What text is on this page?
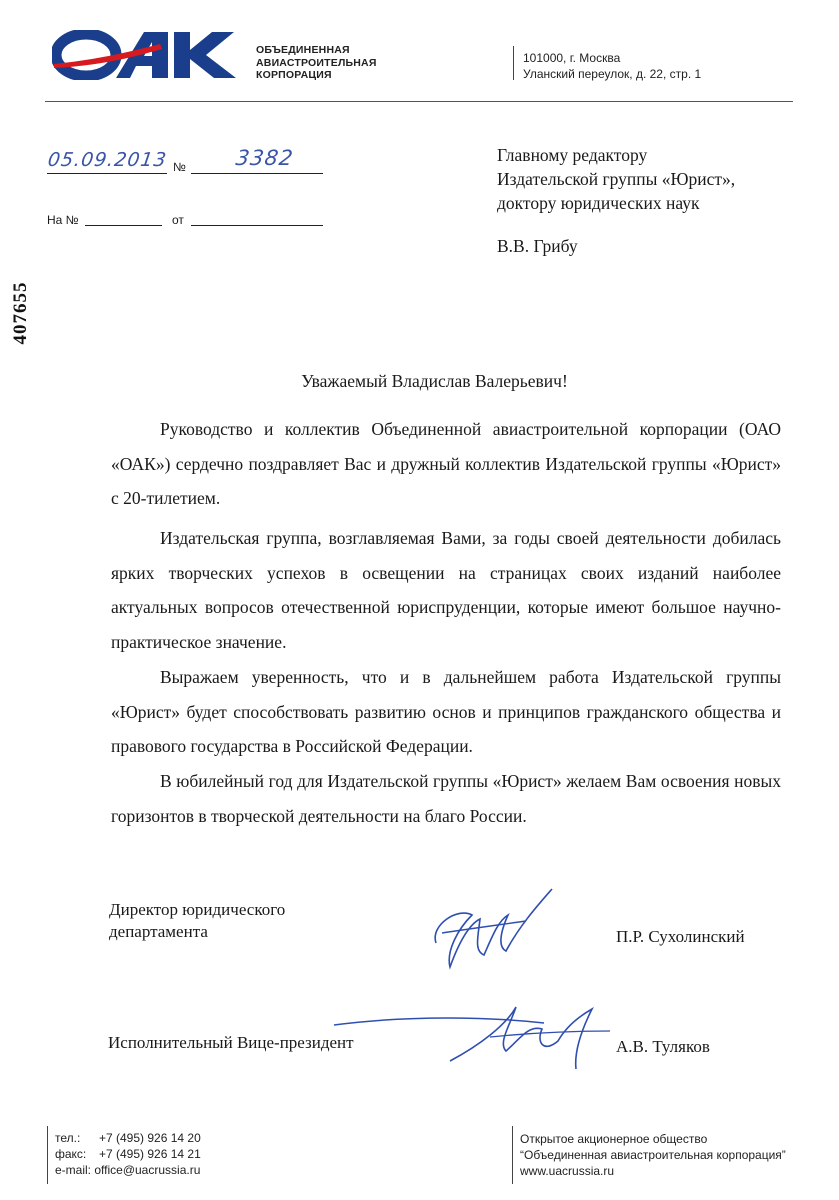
ОБЪЕДИНЕННАЯ
АВИАСТРОИТЕЛЬНАЯ
КОРПОРАЦИЯ
101000, г. Москва
Уланский переулок, д. 22, стр. 1
05.09.2013 № 3382
На №	от
407655
Главному редактору
Издательской группы «Юрист»,
доктору юридических наук
В.В. Грибу
Уважаемый Владислав Валерьевич!

Руководство и коллектив Объединенной авиастроительной корпорации (ОАО «ОАК») сердечно поздравляет Вас и дружный коллектив Издательской группы «Юрист» с 20-тилетием.

Издательская группа, возглавляемая Вами, за годы своей деятельности добилась ярких творческих успехов в освещении на страницах своих изданий наиболее актуальных вопросов отечественной юриспруденции, которые имеют большое научно-практическое значение.

Выражаем уверенность, что и в дальнейшем работа Издательской группы «Юрист» будет способствовать развитию основ и принципов гражданского общества и правового государства в Российской Федерации.

В юбилейный год для Издательской группы «Юрист» желаем Вам освоения новых горизонтов в творческой деятельности на благо России.

Директор юридического
департамента	П.Р. Сухолинский
Исполнительный Вице-президент	А.В. Туляков
тел.: +7 (495) 926 14 20
факс: +7 (495) 926 14 21
e-mail: office@uacrussia.ru
Открытое акционерное общество
“Объединенная авиастроительная корпорация”
www.uacrussia.ru
